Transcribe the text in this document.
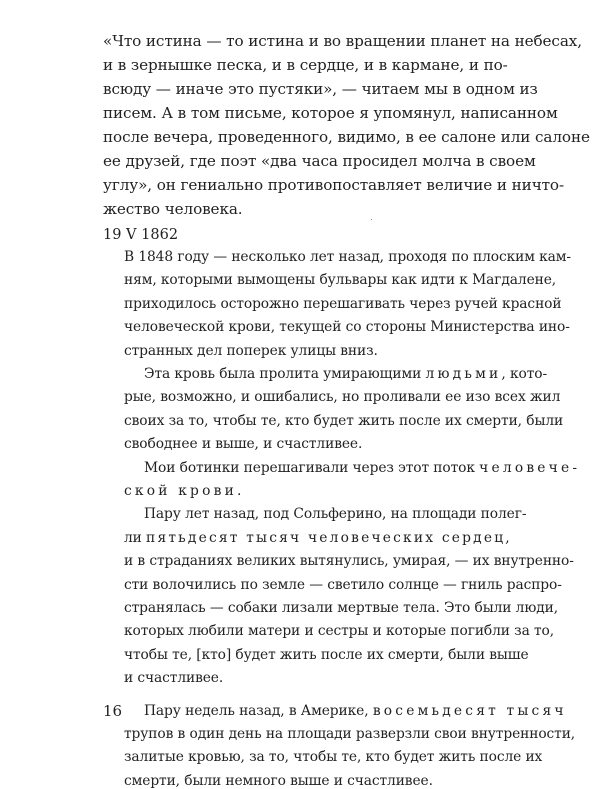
«Что истина — то истина и во вращении планет на небесах,
и в зернышке песка, и в сердце, и в кармане, и по-
всюду — иначе это пустяки», — читаем мы в одном из
писем. А в том письме, которое я упомянул, написанном
после вечера, проведенного, видимо, в ее салоне или салоне
ее друзей, где поэт «два часа просидел молча в своем
углу», он гениально противопоставляет величие и ничто-
жество человека.
19 V 1862
В 1848 году — несколько лет назад, проходя по плоским кам-
ням, которыми вымощены бульвары как идти к Магдалене,
приходилось осторожно перешагивать через ручей красной
человеческой крови, текущей со стороны Министерства ино-
странных дел поперек улицы вниз.
Эта кровь была пролита умирающими людьми, кото-
рые, возможно, и ошибались, но проливали ее изо всех жил
своих за то, чтобы те, кто будет жить после их смерти, были
свободнее и выше, и счастливее.
Мои ботинки перешагивали через этот поток человече-
ской крови.
Пару лет назад, под Сольферино, на площади полег-
ли пятьдесят тысяч человеческих сердец,
и в страданиях великих вытянулись, умирая, — их внутренно-
сти волочились по земле — светило солнце — гниль распро-
странялась — собаки лизали мертвые тела. Это были люди,
которых любили матери и сестры и которые погибли за то,
чтобы те, [кто] будет жить после их смерти, были выше
и счастливее.
Пару недель назад, в Америке, восемьдесят тысяч
трупов в один день на площади разверзли свои внутренности,
залитые кровью, за то, чтобы те, кто будет жить после их
смерти, были немного выше и счастливее.
16
